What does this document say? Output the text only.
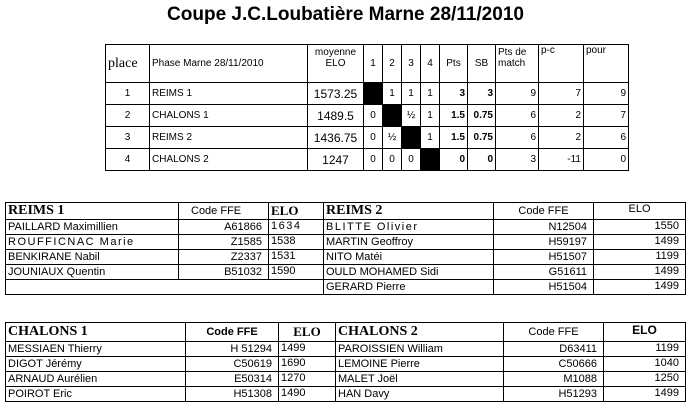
Coupe J.C.Loubatière Marne 28/11/2010
place	Phase Marne 28/11/2010	moyenne ELO	1	2	3	4	Pts	SB	Pts de match	p-c	pour
1	REIMS 1	1573.25		1	1	1	3	3	9	7	9
2	CHALONS 1	1489.5	0		½	1	1.5	0.75	6	2	7
3	REIMS 2	1436.75	0	½		1	1.5	0.75	6	2	6
4	CHALONS 2	1247	0	0	0		0	0	3	-11	0
REIMS 1	Code FFE	ELO
PAILLARD Maximillien	A61866	1634
ROUFFICNAC Marie	Z1585	1538
BENKIRANE Nabil	Z2337	1531
JOUNIAUX Quentin	B51032	1590

REIMS 2	Code FFE	ELO
BLITTE Olivier	N12504	1550
MARTIN Geoffroy	H59197	1499
NITO Matéi	H51507	1199
OULD MOHAMED Sidi	G51611	1499
GERARD Pierre	H51504	1499
CHALONS 1	Code FFE	ELO
MESSIAEN Thierry	H 51294	1499
DIGOT Jérémy	C50619	1690
ARNAUD Aurélien	E50314	1270
POIROT Eric	H51308	1490
CHALONS 2	Code FFE	ELO
PAROISSIEN William	D63411	1199
LEMOINE Pierre	C50666	1040
MALET Joël	M1088	1250
HAN Davy	H51293	1499
